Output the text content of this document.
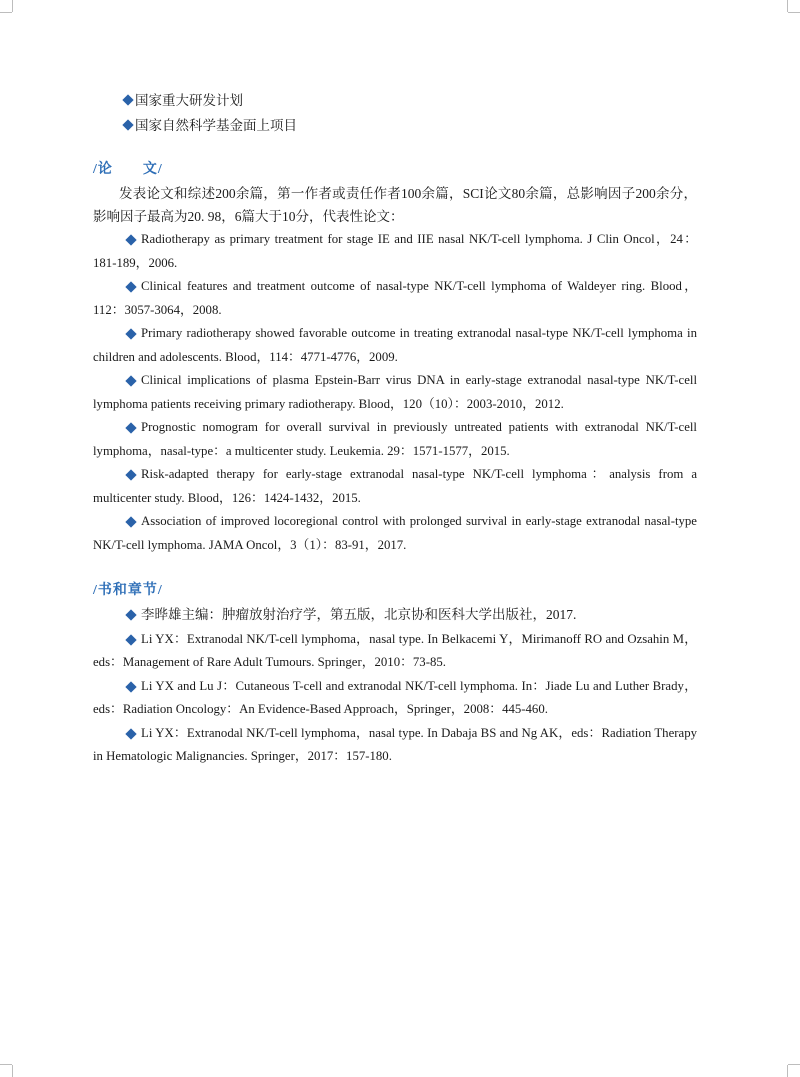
国家重大研发计划
国家自然科学基金面上项目
/论　　文/
发表论文和综述200余篇，第一作者或责任作者100余篇，SCI论文80余篇，总影响因子200余分，影响因子最高为20. 98，6篇大于10分，代表性论文：
Radiotherapy as primary treatment for stage IE and IIE nasal NK/T-cell lymphoma. J Clin Oncol，24：181-189，2006.
Clinical features and treatment outcome of nasal-type NK/T-cell lymphoma of Waldeyer ring. Blood，112：3057-3064，2008.
Primary radiotherapy showed favorable outcome in treating extranodal nasal-type NK/T-cell lymphoma in children and adolescents. Blood，114：4771-4776，2009.
Clinical implications of plasma Epstein-Barr virus DNA in early-stage extranodal nasal-type NK/T-cell lymphoma patients receiving primary radiotherapy. Blood，120（10）：2003-2010，2012.
Prognostic nomogram for overall survival in previously untreated patients with extranodal NK/T-cell lymphoma，nasal-type：a multicenter study. Leukemia. 29：1571-1577，2015.
Risk-adapted therapy for early-stage extranodal nasal-type NK/T-cell lymphoma：analysis from a multicenter study. Blood，126：1424-1432，2015.
Association of improved locoregional control with prolonged survival in early-stage extranodal nasal-type NK/T-cell lymphoma. JAMA Oncol，3（1）：83-91，2017.
/书和章节/
李晔雄主编：肿瘤放射治疗学，第五版，北京协和医科大学出版社，2017.
Li YX：Extranodal NK/T-cell lymphoma，nasal type. In Belkacemi Y，Mirimanoff RO and Ozsahin M，eds：Management of Rare Adult Tumours. Springer，2010：73-85.
Li YX and Lu J：Cutaneous T-cell and extranodal NK/T-cell lymphoma. In：Jiade Lu and Luther Brady，eds：Radiation Oncology：An Evidence-Based Approach，Springer，2008：445-460.
Li YX：Extranodal NK/T-cell lymphoma，nasal type. In Dabaja BS and Ng AK，eds：Radiation Therapy in Hematologic Malignancies. Springer，2017：157-180.
